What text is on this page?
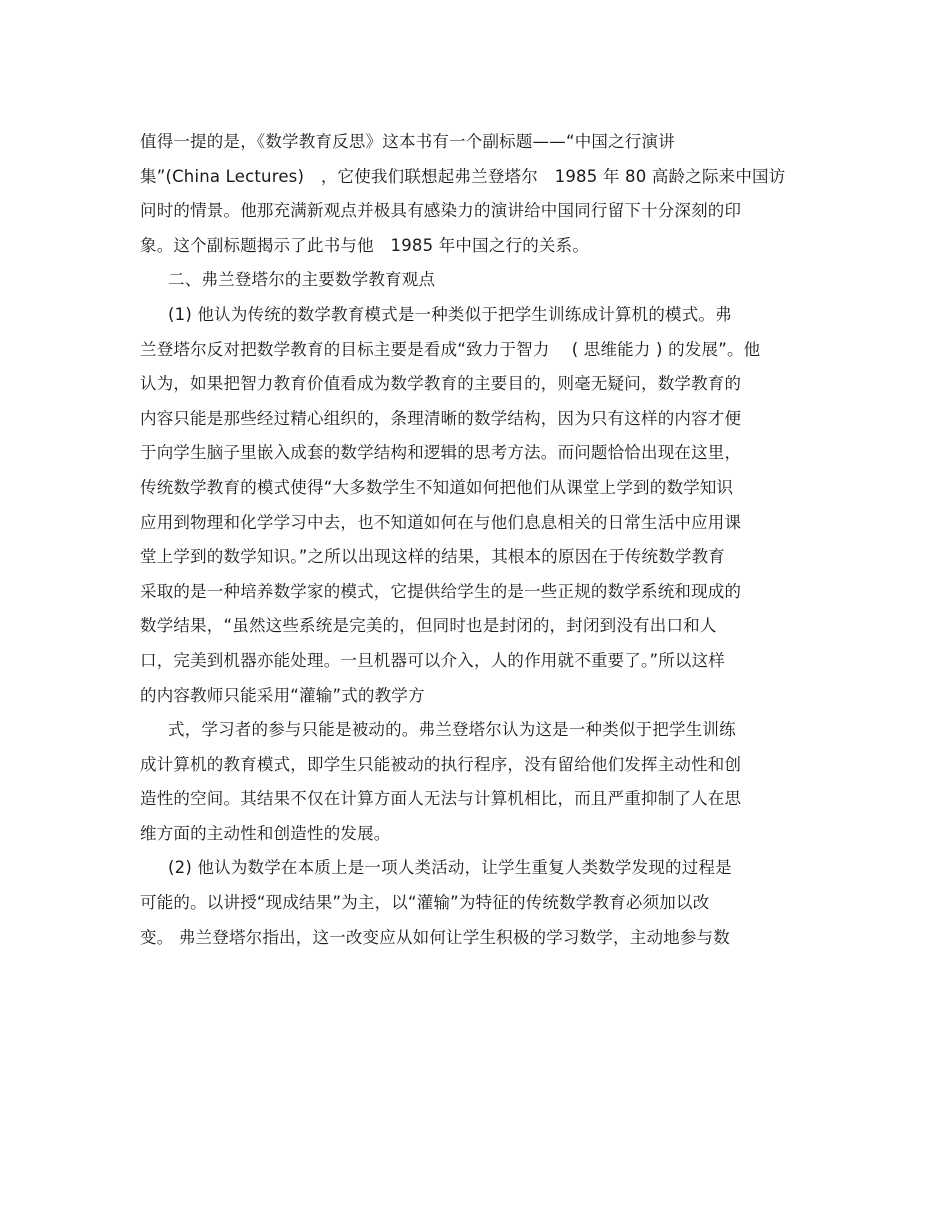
值得一提的是，《数学教育反思》这本书有一个副标题——“中国之行演讲
集”(China Lectures)　，它使我们联想起弗兰登塔尔　1985 年 80 高龄之际来中国访
问时的情景。他那充满新观点并极具有感染力的演讲给中国同行留下十分深刻的印
象。这个副标题揭示了此书与他　1985 年中国之行的关系。
二、弗兰登塔尔的主要数学教育观点
(1) 他认为传统的数学教育模式是一种类似于把学生训练成计算机的模式。弗
兰登塔尔反对把数学教育的目标主要是看成“致力于智力　 ( 思维能力 ) 的发展”。他
认为，如果把智力教育价值看成为数学教育的主要目的，则毫无疑问，数学教育的
内容只能是那些经过精心组织的，条理清晰的数学结构，因为只有这样的内容才便
于向学生脑子里嵌入成套的数学结构和逻辑的思考方法。而问题恰恰出现在这里，
传统数学教育的模式使得“大多数学生不知道如何把他们从课堂上学到的数学知识
应用到物理和化学学习中去，也不知道如何在与他们息息相关的日常生活中应用课
堂上学到的数学知识。”之所以出现这样的结果，其根本的原因在于传统数学教育
采取的是一种培养数学家的模式，它提供给学生的是一些正规的数学系统和现成的
数学结果，“虽然这些系统是完美的，但同时也是封闭的，封闭到没有出口和人
口，完美到机器亦能处理。一旦机器可以介入，人的作用就不重要了。”所以这样
的内容教师只能采用“灌输”式的教学方
式，学习者的参与只能是被动的。弗兰登塔尔认为这是一种类似于把学生训练
成计算机的教育模式，即学生只能被动的执行程序，没有留给他们发挥主动性和创
造性的空间。其结果不仅在计算方面人无法与计算机相比，而且严重抑制了人在思
维方面的主动性和创造性的发展。
(2) 他认为数学在本质上是一项人类活动，让学生重复人类数学发现的过程是
可能的。以讲授“现成结果”为主，以“灌输”为特征的传统数学教育必须加以改
变。 弗兰登塔尔指出，这一改变应从如何让学生积极的学习数学，主动地参与数
